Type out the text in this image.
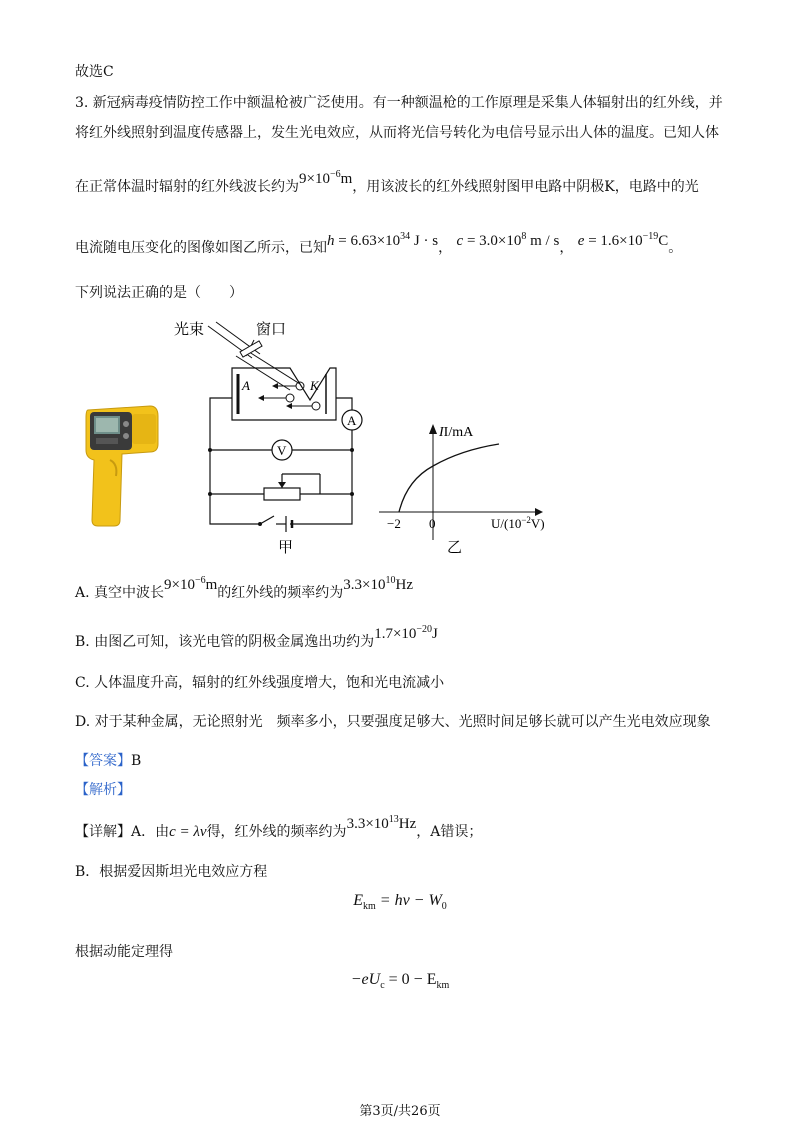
故选C
3. 新冠病毒疫情防控工作中额温枪被广泛使用。有一种额温枪的工作原理是采集人体辐射出的红外线，并
将红外线照射到温度传感器上，发生光电效应，从而将光信号转化为电信号显示出人体的温度。已知人体
在正常体温时辐射的红外线波长约为$9\times 10^{-6}m$，用该波长的红外线照射图甲电路中阴极K，电路中的光
电流随电压变化的图像如图乙所示，已知$h = 6.63\times 10^{34}$ J · s， $c = 3.0\times 10^8$ m / s， $e = 1.6\times 10^{-19}C$。
下列说法正确的是（　　）
光束	窗口
A	K
A
V
甲
II/mA
−2 0	$U/(10^{-2}V)$
乙
A. 真空中波长$9\times 10^{-6}m$的红外线的频率约为$3.3\times 10^{10}Hz$
B. 由图乙可知，该光电管的阴极金属逸出功约为$1.7\times 10^{-20}J$
C. 人体温度升高，辐射的红外线强度增大，饱和光电流减小
D. 对于某种金属，无论照射光　频率多小，只要强度足够大、光照时间足够长就可以产生光电效应现象
【答案】B
【解析】
【详解】A．由c = λν得，红外线的频率约为$3.3\times 10^{13}Hz$，A错误；
B．根据爱因斯坦光电效应方程
$E_{km} = h\nu - W_0$
根据动能定理得
$-eU_c = 0 - E_{km}$
第3页/共26页
